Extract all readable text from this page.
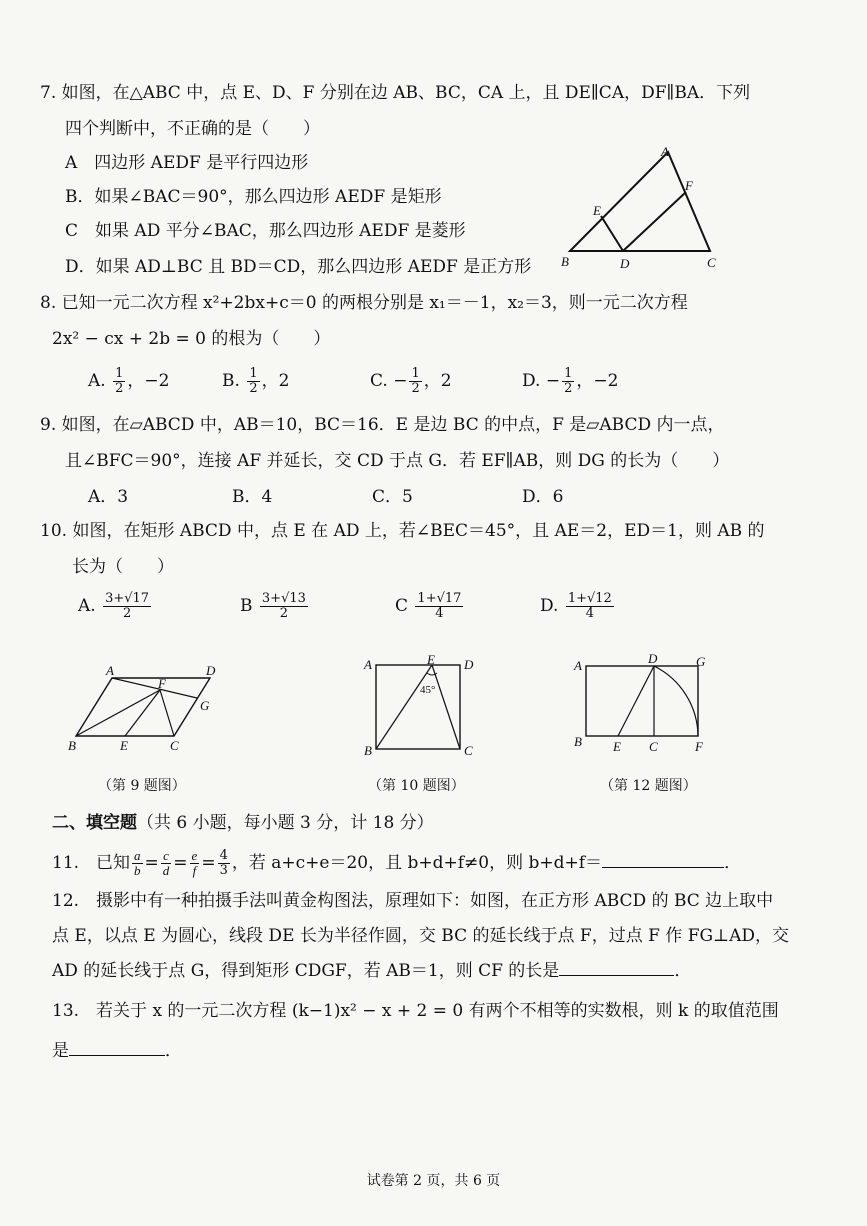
7. 如图，在△ABC 中，点 E、D、F 分别在边 AB、BC，CA 上，且 DE∥CA，DF∥BA．下列
四个判断中，不正确的是（　　）
A　四边形 AEDF 是平行四边形
B．如果∠BAC＝90°，那么四边形 AEDF 是矩形
C　如果 AD 平分∠BAC，那么四边形 AEDF 是菱形
D．如果 AD⊥BC 且 BD＝CD，那么四边形 AEDF 是正方形
A
B	C
D
E
F
8. 已知一元二次方程 x²+2bx+c＝0 的两根分别是 x₁＝－1，x₂＝3，则一元二次方程
2x² − cx + 2b = 0 的根为（　　）
A. $\frac{1}{2}$ ，−2	B. $\frac{1}{2}$ ，2	C. − $\frac{1}{2}$ ，2	D. − $\frac{1}{2}$ ，−2
9. 如图，在▱ABCD 中，AB＝10，BC＝16．E 是边 BC 的中点，F 是▱ABCD 内一点，
且∠BFC＝90°，连接 AF 并延长，交 CD 于点 G．若 EF∥AB，则 DG 的长为（　　）
A．3	B．4	C．5	D．6
10. 如图，在矩形 ABCD 中，点 E 在 AD 上，若∠BEC＝45°，且 AE＝2，ED＝1，则 AB 的
长为（　　）
A. $\frac{3+√17}{2}$	B $\frac{3+√13}{2}$	C $\frac{1+√17}{4}$	D. $\frac{1+√12}{4}$
A	D
B	E	C
F
G
（第 9 题图）
45°
A	E D
B	C
（第 10 题图）
A	D	G
B E C	F
（第 12 题图）
二、填空题（共 6 小题，每小题 3 分，计 18 分）
11.　已知 $\frac{a}{b} = \frac{c}{d} = \frac{e}{f} = \frac{4}{3}$ ，若 a+c+e＝20，且 b+d+f≠0，则 b+d+f＝	．
12.　摄影中有一种拍摄手法叫黄金构图法，原理如下：如图，在正方形 ABCD 的 BC 边上取中
点 E，以点 E 为圆心，线段 DE 长为半径作圆，交 BC 的延长线于点 F，过点 F 作 FG⊥AD，交
AD 的延长线于点 G，得到矩形 CDGF，若 AB＝1，则 CF 的长是	．
13.　若关于 x 的一元二次方程 (k−1)x² − x + 2 = 0 有两个不相等的实数根，则 k 的取值范围
是	．
试卷第 2 页，共 6 页
